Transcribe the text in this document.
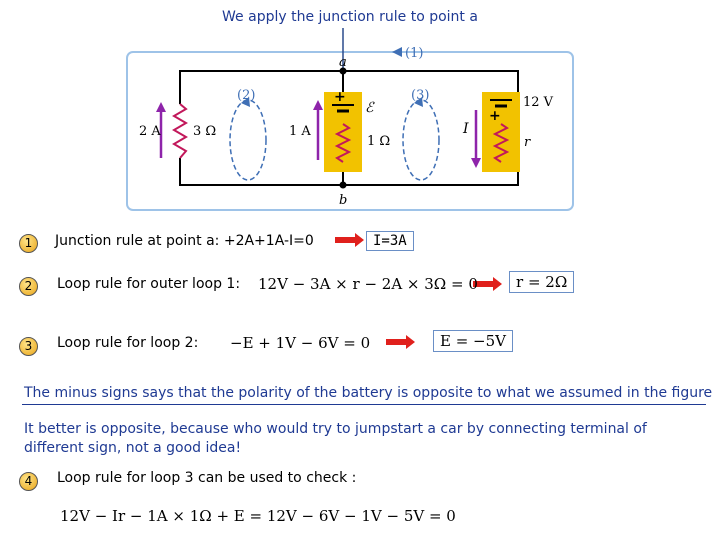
We apply the junction rule to point a
(1)
(2)	(3)
a
b
2 A 3 Ω	1 A
ℰ
1 Ω
+
I
12 V
r
+
1	Junction rule at point a: +2A+1A-I=0	I=3A
2	Loop rule for outer loop 1: 12V − 3A × r − 2A × 3Ω = 0	r = 2Ω
3	Loop rule for loop 2: −E + 1V − 6V = 0	E = −5V
The minus signs says that the polarity of the battery is opposite to what we assumed in the figure
It better is opposite, because who would try to jumpstart a car by connecting terminal of different sign, not a good idea!
4	Loop rule for loop 3 can be used to check :
12V − Ir − 1A × 1Ω + E = 12V − 6V − 1V − 5V = 0
